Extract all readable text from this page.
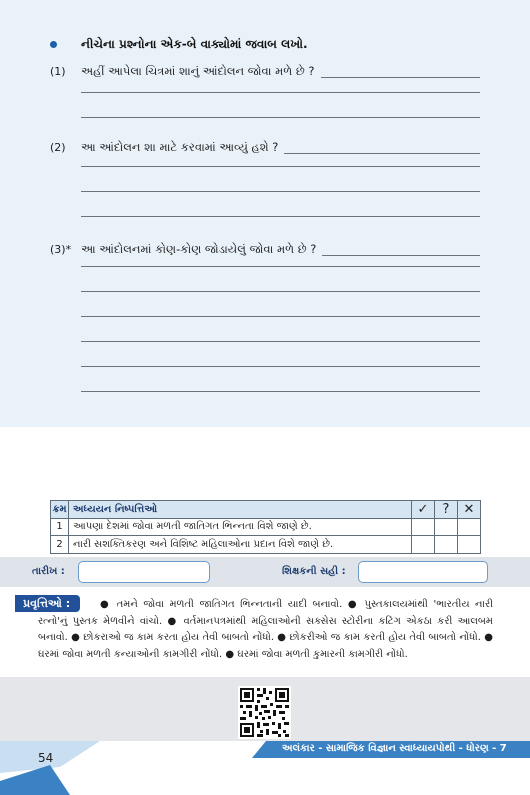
નીચેના પ્રશ્નોના એક-બે વાક્યોમાં જવાબ લખો.
(1) અહીં આપેલા ચિત્રમાં શાનું આંદોલન જોવા મળે છે ?
(2) આ આંદોલન શા માટે કરવામાં આવ્યું હશે ?
(3)* આ આંદોલનમાં કોણ-કોણ જોડાયેલું જોવા મળે છે ?
ક્રમ	અધ્યયન નિષ્પત્તિઓ	✓	?	✕
1	આપણા દેશમાં જોવા મળતી જાતિગત ભિન્નતા વિશે જાણે છે.			
2	નારી સશક્તિકરણ અને વિશિષ્ટ મહિલાઓના પ્રદાન વિશે જાણે છે.			
તારીખ :	શિક્ષકની સહી :
પ્રવૃત્તિઓ :	● તમને જોવા મળતી જાતિગત ભિન્નતાની યાદી બનાવો. ● પુસ્તકાલયમાંથી 'ભારતીય નારી રત્નો'નું પુસ્તક મેળવીને વાંચો. ● વર્તમાનપત્રમાંથી મહિલાઓની સક્સેસ સ્ટોરીના કટિંગ એકઠા કરી આલબમ બનાવો. ● છોકરાઓ જ કામ કરતા હોય તેવી બાબતો નોંધો. ● છોકરીઓ જ કામ કરતી હોય તેવી બાબતો નોંધો. ● ઘરમાં જોવા મળતી કન્યાઓની કામગીરી નોંધો. ● ઘરમાં જોવા મળતી કુમારની કામગીરી નોંધો.

54
અલંકાર - સામાજિક વિજ્ઞાન સ્વાધ્યાયપોથી - ધોરણ - 7
